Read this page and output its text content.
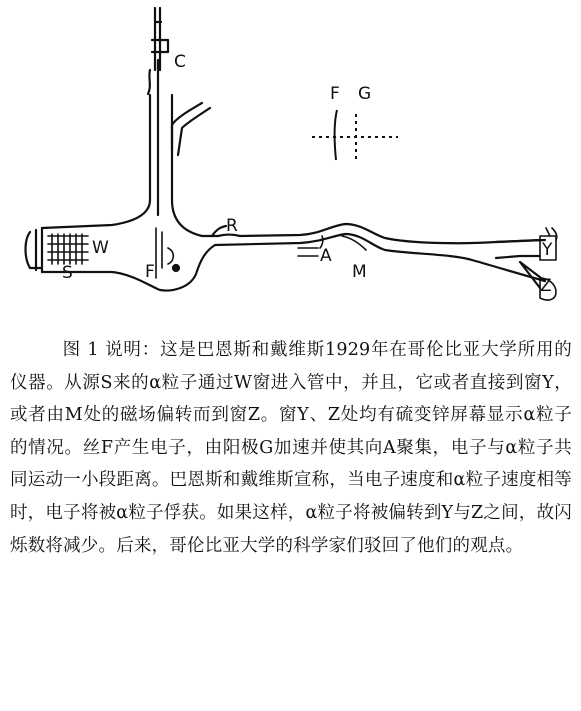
C
F G
R
W
S	F
A
M
Y
Z

图 1 说明：这是巴恩斯和戴维斯1929年在哥伦比亚大学所用的仪器。从源S来的α粒子通过W窗进入管中，并且，它或者直接到窗Y，或者由M处的磁场偏转而到窗Z。窗Y、Z处均有硫变锌屏幕显示α粒子的情况。丝F产生电子，由阳极G加速并使其向A聚集，电子与α粒子共同运动一小段距离。巴恩斯和戴维斯宣称，当电子速度和α粒子速度相等时，电子将被α粒子俘获。如果这样，α粒子将被偏转到Y与Z之间，故闪烁数将减少。后来，哥伦比亚大学的科学家们驳回了他们的观点。
